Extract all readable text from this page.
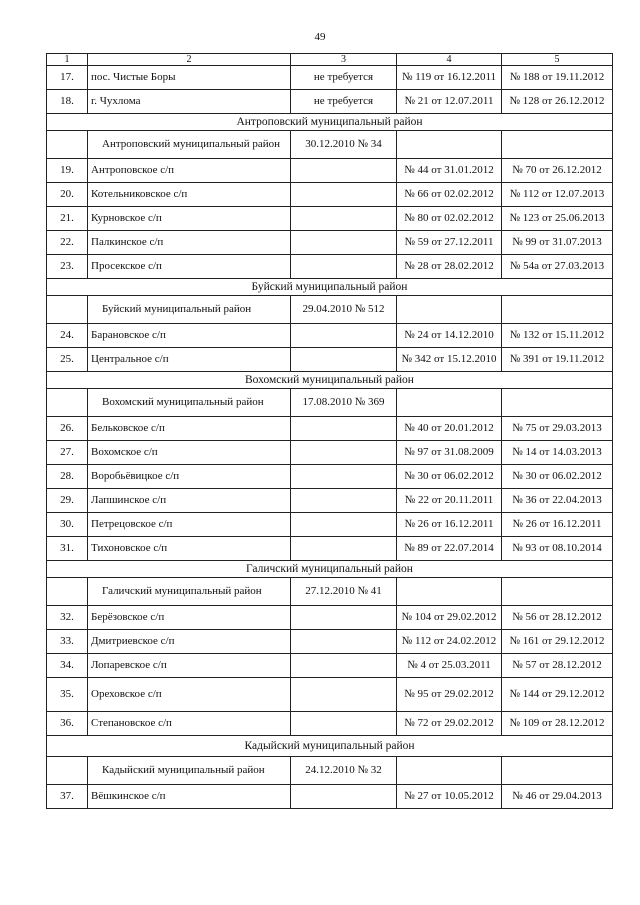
49
1	2	3	4	5
17.	пос. Чистые Боры	не требуется	№ 119 от 16.12.2011	№ 188 от 19.11.2012
18.	г. Чухлома	не требуется	№ 21 от 12.07.2011	№ 128 от 26.12.2012
Антроповский муниципальный район				
	Антроповский муниципальный район	30.12.2010 № 34		
19.	Антроповское с/п		№ 44 от 31.01.2012	№ 70 от 26.12.2012
20.	Котельниковское с/п		№ 66 от 02.02.2012	№ 112 от 12.07.2013
21.	Курновское с/п		№ 80 от 02.02.2012	№ 123 от 25.06.2013
22.	Палкинское с/п		№ 59 от 27.12.2011	№ 99 от 31.07.2013
23.	Просекское с/п		№ 28 от 28.02.2012	№ 54а от 27.03.2013
Буйский муниципальный район				
	Буйский муниципальный район	29.04.2010 № 512		
24.	Барановское с/п		№ 24 от 14.12.2010	№ 132 от 15.11.2012
25.	Центральное с/п		№ 342 от 15.12.2010	№ 391 от 19.11.2012
Вохомский муниципальный район				
	Вохомский муниципальный район	17.08.2010 № 369		
26.	Бельковское с/п		№ 40 от 20.01.2012	№ 75 от 29.03.2013
27.	Вохомское с/п		№ 97 от 31.08.2009	№ 14 от 14.03.2013
28.	Воробьёвицкое с/п		№ 30 от 06.02.2012	№ 30 от 06.02.2012
29.	Лапшинское с/п		№ 22 от 20.11.2011	№ 36 от 22.04.2013
30.	Петрецовское с/п		№ 26 от 16.12.2011	№ 26 от 16.12.2011
31.	Тихоновское с/п		№ 89 от 22.07.2014	№ 93 от 08.10.2014
Галичский муниципальный район				
	Галичский муниципальный район	27.12.2010 № 41		
32.	Берёзовское с/п		№ 104 от 29.02.2012	№ 56 от 28.12.2012
33.	Дмитриевское с/п		№ 112 от 24.02.2012	№ 161 от 29.12.2012
34.	Лопаревское с/п		№ 4 от 25.03.2011	№ 57 от 28.12.2012
35.	Ореховское с/п		№ 95 от 29.02.2012	№ 144 от 29.12.2012
36.	Степановское с/п		№ 72 от 29.02.2012	№ 109 от 28.12.2012
Кадыйский муниципальный район				
	Кадыйский муниципальный район	24.12.2010 № 32		
37.	Вёшкинское с/п		№ 27 от 10.05.2012	№ 46 от 29.04.2013
